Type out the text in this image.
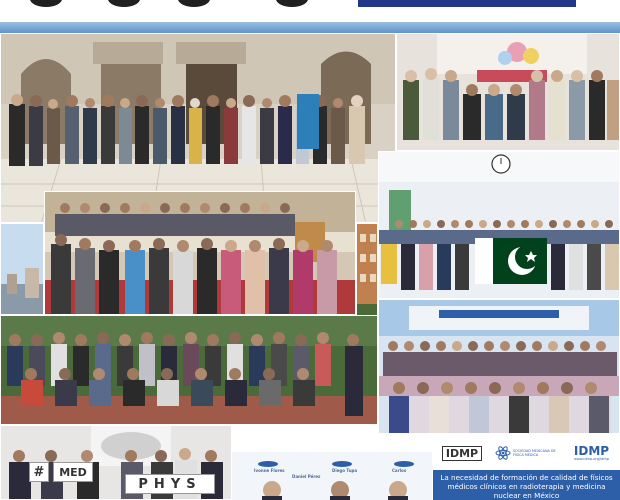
#	MED
PHYS
Ivonne Flores
Daniel Pérez
Diego Tupa	Carlos
IDMP	SOCIEDAD MEXICANA DE FÍSICA MÉDICA	IDMP
www.idmp.org/idmp
La necesidad de formación de calidad de físicos médicos clínicos en radioterapia y medicina nuclear en México
